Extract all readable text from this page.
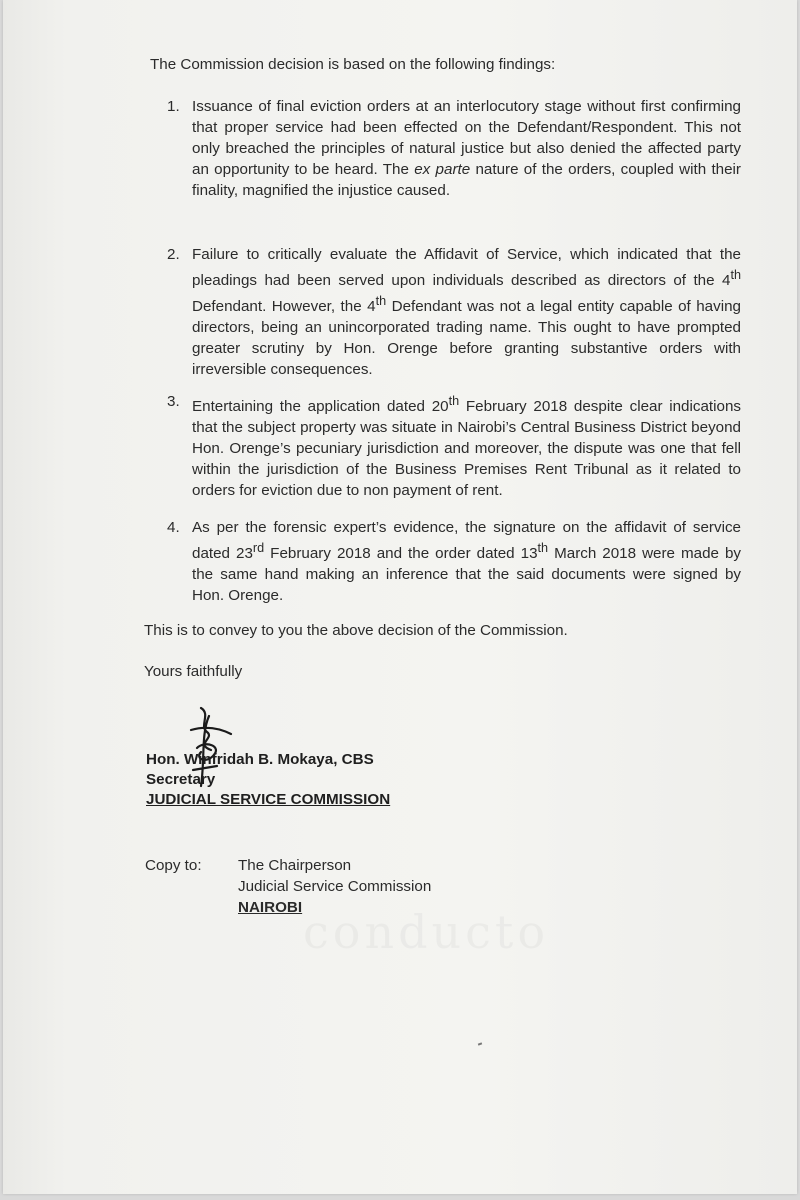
The Commission decision is based on the following findings:
1. Issuance of final eviction orders at an interlocutory stage without first confirming that proper service had been effected on the Defendant/Respondent. This not only breached the principles of natural justice but also denied the affected party an opportunity to be heard. The ex parte nature of the orders, coupled with their finality, magnified the injustice caused.
2. Failure to critically evaluate the Affidavit of Service, which indicated that the pleadings had been served upon individuals described as directors of the 4th Defendant. However, the 4th Defendant was not a legal entity capable of having directors, being an unincorporated trading name. This ought to have prompted greater scrutiny by Hon. Orenge before granting substantive orders with irreversible consequences.
3. Entertaining the application dated 20th February 2018 despite clear indications that the subject property was situate in Nairobi’s Central Business District beyond Hon. Orenge’s pecuniary jurisdiction and moreover, the dispute was one that fell within the jurisdiction of the Business Premises Rent Tribunal as it related to orders for eviction due to non payment of rent.
4. As per the forensic expert’s evidence, the signature on the affidavit of service dated 23rd February 2018 and the order dated 13th March 2018 were made by the same hand making an inference that the said documents were signed by Hon. Orenge.
This is to convey to you the above decision of the Commission.
Yours faithfully
Hon. Winfridah B. Mokaya, CBS
Secretary
JUDICIAL SERVICE COMMISSION
Copy to: The Chairperson
Judicial Service Commission
NAIROBI
